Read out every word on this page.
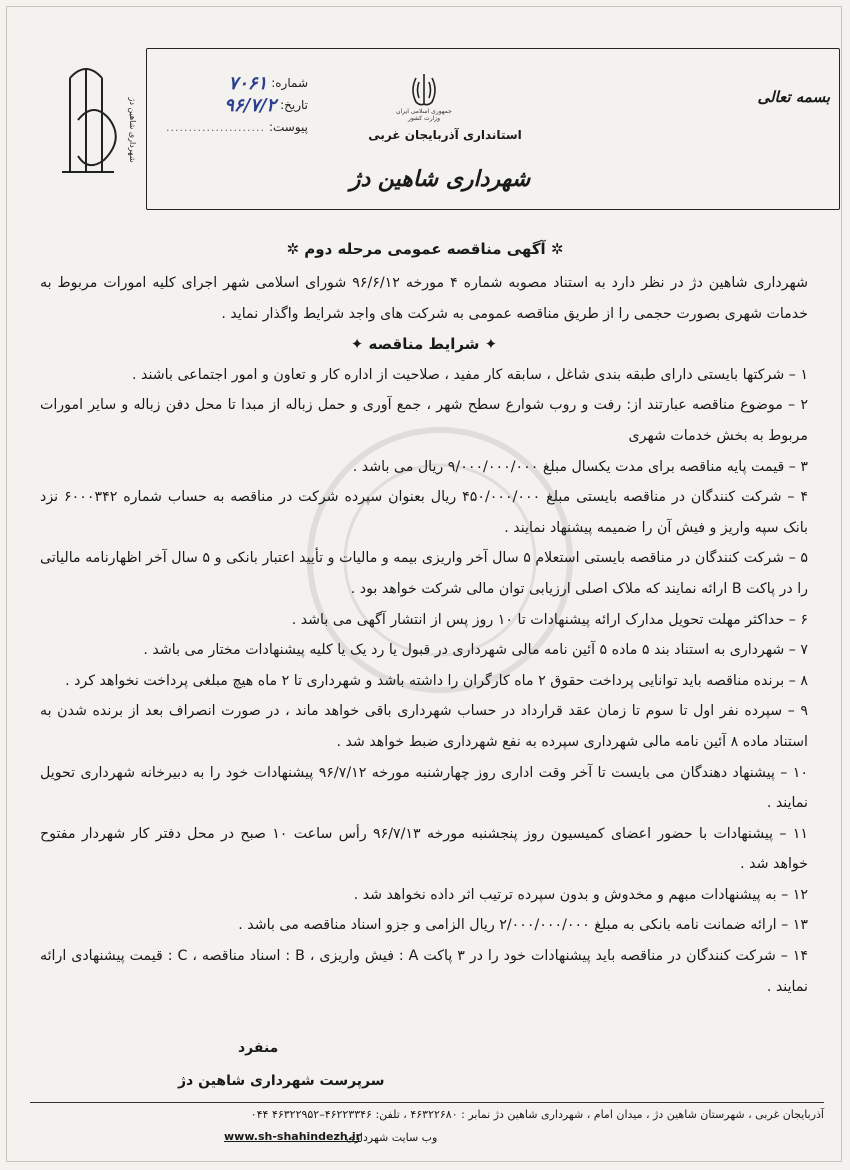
شهرداری شاهین دژ
شماره:
۷۰۶۱
تاریخ:
۹۶/۷/۲
پیوست:
......................
جمهوری اسلامی ایران وزارت کشور
استانداری آذربایجان غربی
شهرداری شاهین دژ
بسمه تعالی
✲ آگهی مناقصه عمومی مرحله دوم ✲

شهرداری شاهین دژ در نظر دارد به استناد مصوبه شماره ۴ مورخه ۹۶/۶/۱۲ شورای اسلامی شهر اجرای کلیه امورات مربوط به خدمات شهری بصورت حجمی را از طریق مناقصه عمومی به شرکت های واجد شرایط واگذار نماید .

✦ شرایط مناقصه ✦

۱ – شرکتها بایستی دارای طبقه بندی شاغل ، سابقه کار مفید ، صلاحیت از اداره کار و تعاون و امور اجتماعی باشند .

۲ – موضوع مناقصه عبارتند از: رفت و روب شوارع سطح شهر ، جمع آوری و حمل زباله از مبدا تا محل دفن زباله و سایر امورات مربوط به بخش خدمات شهری

۳ – قیمت پایه مناقصه برای مدت یکسال مبلغ ۹/۰۰۰/۰۰۰/۰۰۰ ریال می باشد .

۴ – شرکت کنندگان در مناقصه بایستی مبلغ ۴۵۰/۰۰۰/۰۰۰ ریال بعنوان سپرده شرکت در مناقصه به حساب شماره ۶۰۰۰۳۴۲ نزد بانک سپه واریز و فیش آن را ضمیمه پیشنهاد نمایند .

۵ – شرکت کنندگان در مناقصه بایستی استعلام ۵ سال آخر واریزی بیمه و مالیات و تأیید اعتبار بانکی و ۵ سال آخر اظهارنامه مالیاتی را در پاکت B ارائه نمایند که ملاک اصلی ارزیابی توان مالی شرکت خواهد بود .

۶ – حداکثر مهلت تحویل مدارک ارائه پیشنهادات تا ۱۰ روز پس از انتشار آگهی می باشد .

۷ – شهرداری به استناد بند ۵ ماده ۵ آئین نامه مالی شهرداری در قبول یا رد یک یا کلیه پیشنهادات مختار می باشد .

۸ – برنده مناقصه باید توانایی پرداخت حقوق ۲ ماه کارگران را داشته باشد و شهرداری تا ۲ ماه هیچ مبلغی پرداخت نخواهد کرد .

۹ – سپرده نفر اول تا سوم تا زمان عقد قرارداد در حساب شهرداری باقی خواهد ماند ، در صورت انصراف بعد از برنده شدن به استناد ماده ۸ آئین نامه مالی شهرداری سپرده به نفع شهرداری ضبط خواهد شد .

۱۰ – پیشنهاد دهندگان می بایست تا آخر وقت اداری روز چهارشنبه مورخه ۹۶/۷/۱۲ پیشنهادات خود را به دبیرخانه شهرداری تحویل نمایند .

۱۱ – پیشنهادات با حضور اعضای کمیسیون روز پنجشنبه مورخه ۹۶/۷/۱۳ رأس ساعت ۱۰ صبح در محل دفتر کار شهردار مفتوح خواهد شد .

۱۲ – به پیشنهادات مبهم و مخدوش و بدون سپرده ترتیب اثر داده نخواهد شد .

۱۳ – ارائه ضمانت نامه بانکی به مبلغ ۲/۰۰۰/۰۰۰/۰۰۰ ریال الزامی و جزو اسناد مناقصه می باشد .

۱۴ – شرکت کنندگان در مناقصه باید پیشنهادات خود را در ۳ پاکت A : فیش واریزی ، B : اسناد مناقصه ، C : قیمت پیشنهادی ارائه نمایند .

منفرد
سرپرست شهرداری شاهین دژ
آذربایجان غربی ، شهرستان شاهین دژ ، میدان امام ، شهرداری شاهین دژ نمابر : ۴۶۳۲۲۶۸۰ ، تلفن: ۴۶۲۲۳۳۴۶–۴۶۳۲۲۹۵۲ ۰۴۴
وب سایت شهرداری
www.sh-shahindezh.ir
